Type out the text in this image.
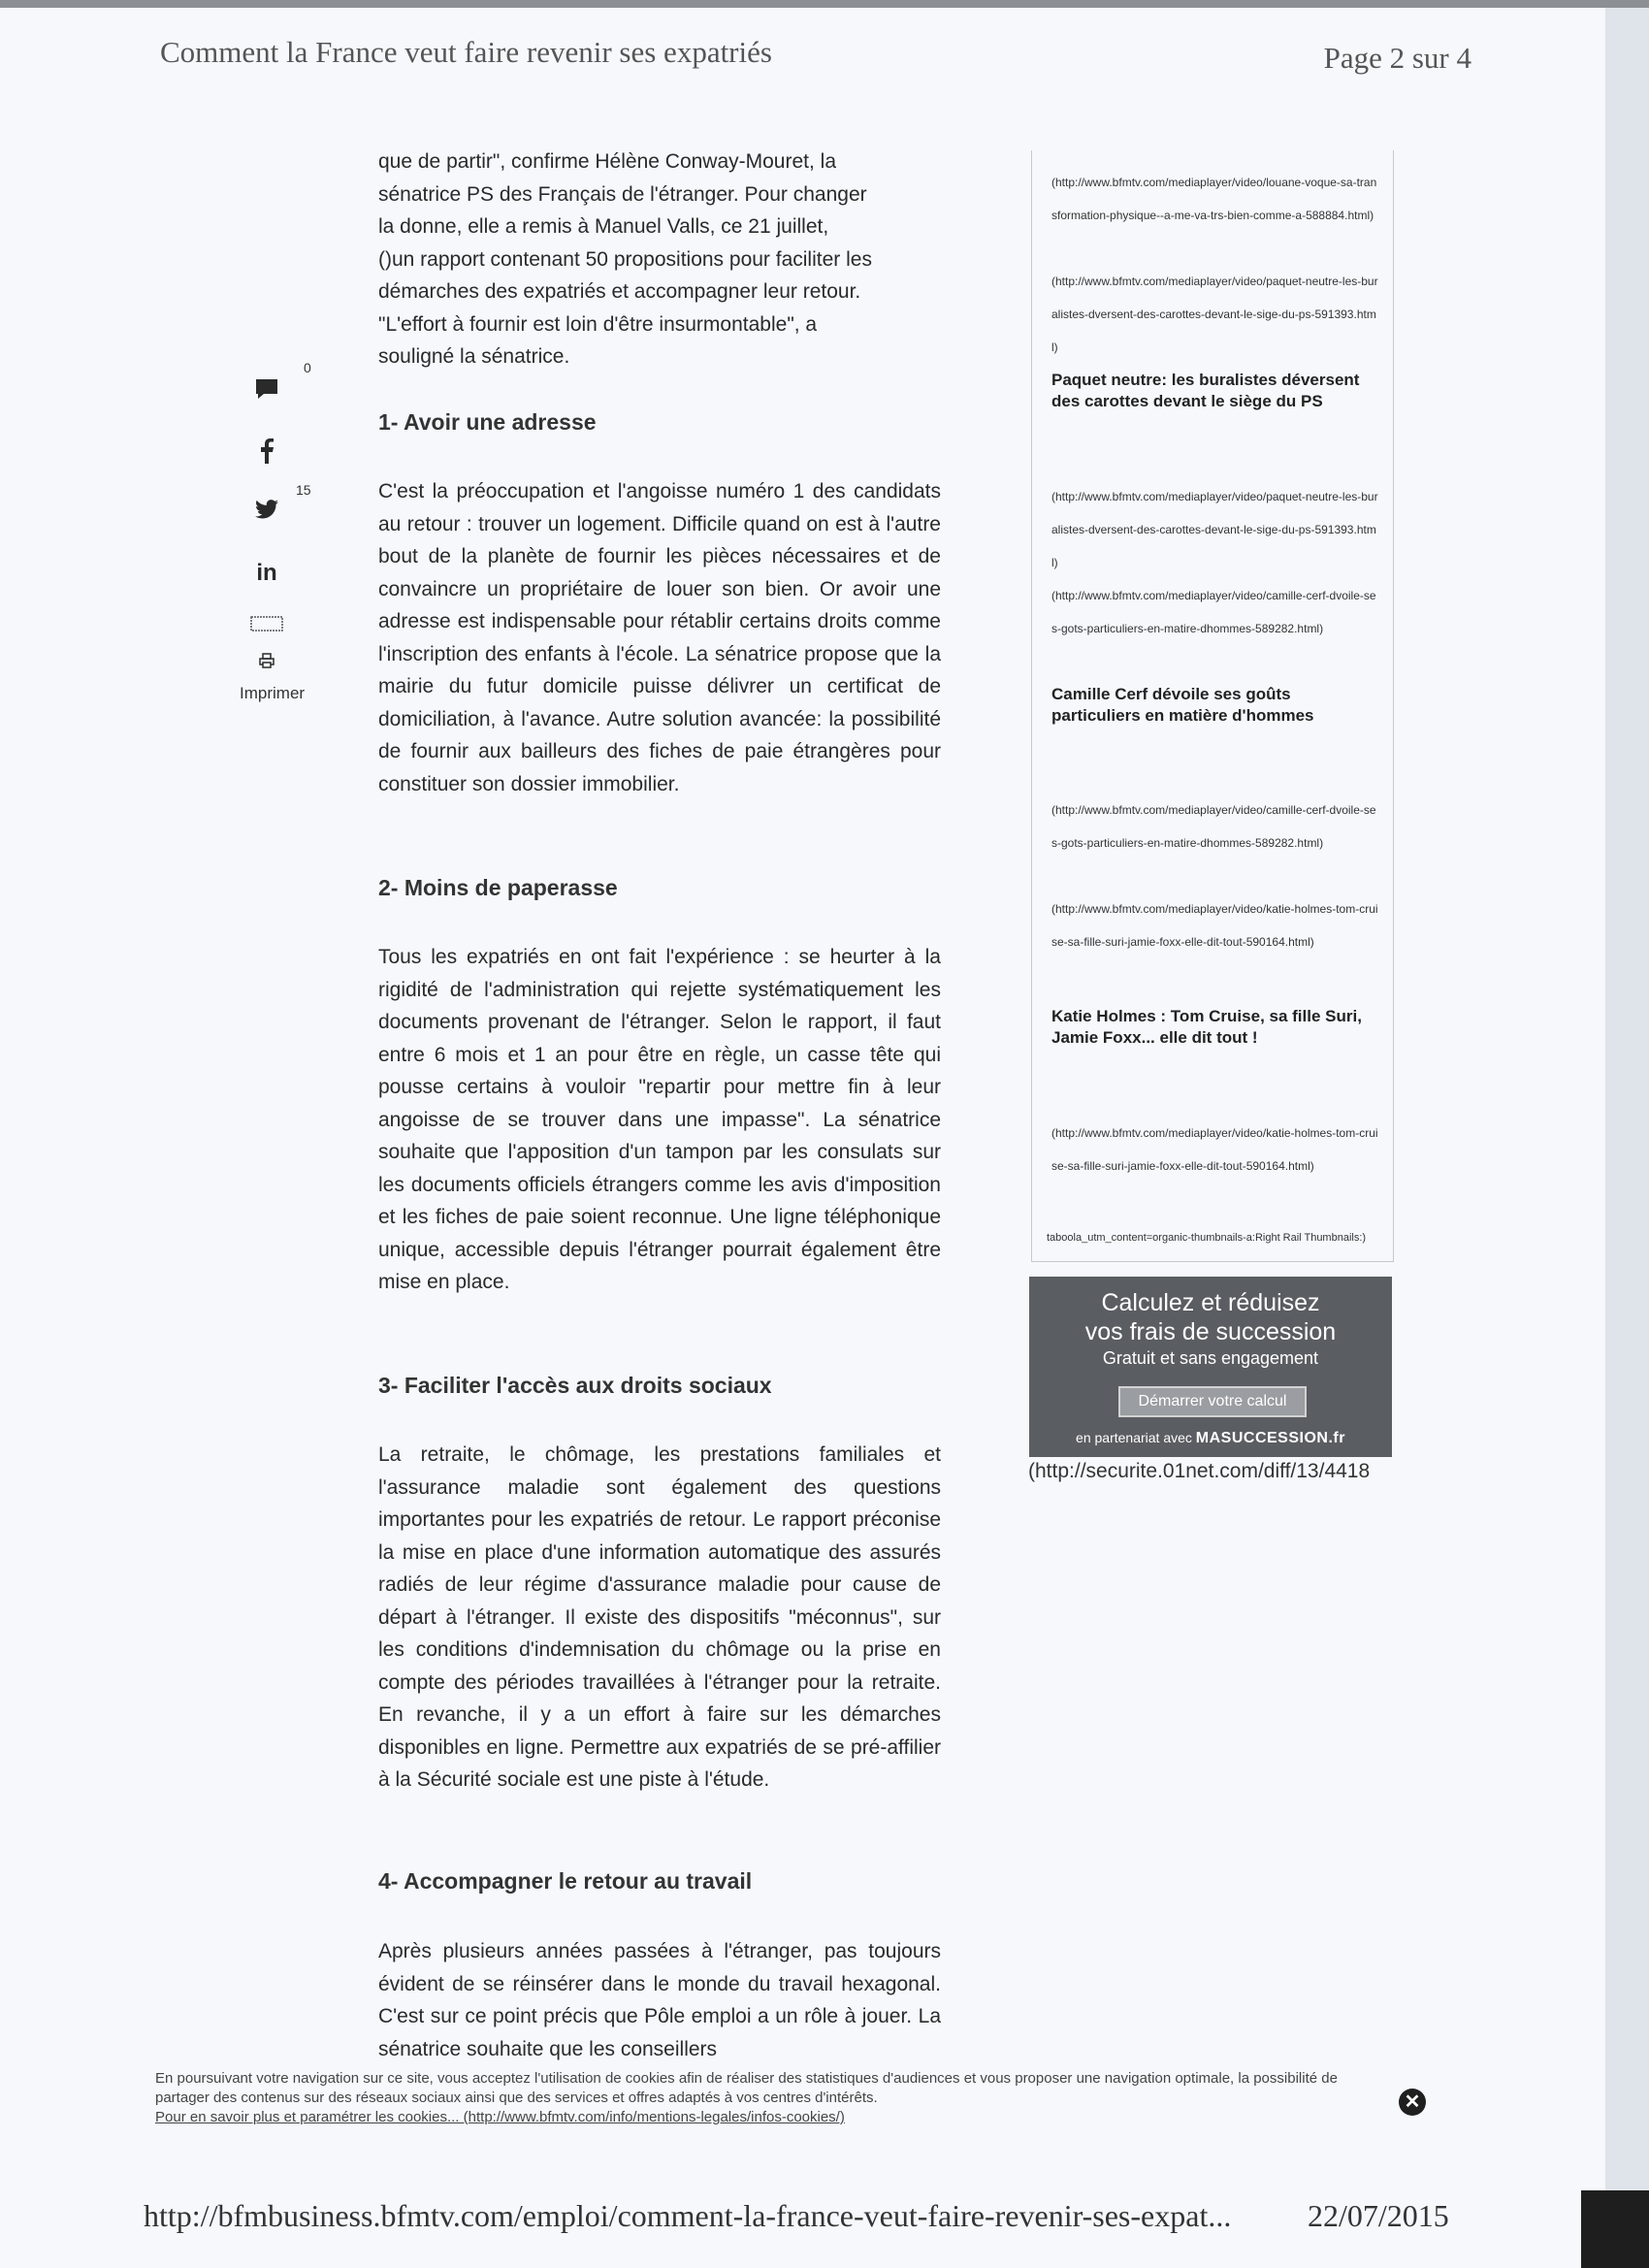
Comment la France veut faire revenir ses expatriés	Page 2 sur 4
0
15
in
Imprimer

que de partir", confirme Hélène Conway-Mouret, la

sénatrice PS des Français de l'étranger. Pour changer

la donne, elle a remis à Manuel Valls, ce 21 juillet,

()un rapport contenant 50 propositions pour faciliter les

démarches des expatriés et accompagner leur retour.

"L'effort à fournir est loin d'être insurmontable", a

souligné la sénatrice.

1- Avoir une adresse

C'est la préoccupation et l'angoisse numéro 1 des candidats au retour : trouver un logement. Difficile quand on est à l'autre bout de la planète de fournir les pièces nécessaires et de convaincre un propriétaire de louer son bien. Or avoir une adresse est indispensable pour rétablir certains droits comme l'inscription des enfants à l'école. La sénatrice propose que la mairie du futur domicile puisse délivrer un certificat de domiciliation, à l'avance. Autre solution avancée: la possibilité de fournir aux bailleurs des fiches de paie étrangères pour constituer son dossier immobilier.

2- Moins de paperasse

Tous les expatriés en ont fait l'expérience : se heurter à la rigidité de l'administration qui rejette systématiquement les documents provenant de l'étranger. Selon le rapport, il faut entre 6 mois et 1 an pour être en règle, un casse tête qui pousse certains à vouloir "repartir pour mettre fin à leur angoisse de se trouver dans une impasse". La sénatrice souhaite que l'apposition d'un tampon par les consulats sur les documents officiels étrangers comme les avis d'imposition et les fiches de paie soient reconnue. Une ligne téléphonique unique, accessible depuis l'étranger pourrait également être mise en place.

3- Faciliter l'accès aux droits sociaux

La retraite, le chômage, les prestations familiales et l'assurance maladie sont également des questions importantes pour les expatriés de retour. Le rapport préconise la mise en place d'une information automatique des assurés radiés de leur régime d'assurance maladie pour cause de départ à l'étranger. Il existe des dispositifs "méconnus", sur les conditions d'indemnisation du chômage ou la prise en compte des périodes travaillées à l'étranger pour la retraite. En revanche, il y a un effort à faire sur les démarches disponibles en ligne. Permettre aux expatriés de se pré-affilier à la Sécurité sociale est une piste à l'étude.

4- Accompagner le retour au travail

Après plusieurs années passées à l'étranger, pas toujours évident de se réinsérer dans le monde du travail hexagonal. C'est sur ce point précis que Pôle emploi a un rôle à jouer. La sénatrice souhaite que les conseillers

(http://www.bfmtv.com/mediaplayer/video/louane-voque-sa-transformation-physique--a-me-va-trs-bien-comme-a-588884.html)
(http://www.bfmtv.com/mediaplayer/video/paquet-neutre-les-buralistes-dversent-des-carottes-devant-le-sige-du-ps-591393.html)
Paquet neutre: les buralistes déversent des carottes devant le siège du PS
(http://www.bfmtv.com/mediaplayer/video/paquet-neutre-les-buralistes-dversent-des-carottes-devant-le-sige-du-ps-591393.html)
(http://www.bfmtv.com/mediaplayer/video/camille-cerf-dvoile-ses-gots-particuliers-en-matire-dhommes-589282.html)
Camille Cerf dévoile ses goûts particuliers en matière d'hommes
(http://www.bfmtv.com/mediaplayer/video/camille-cerf-dvoile-ses-gots-particuliers-en-matire-dhommes-589282.html)
(http://www.bfmtv.com/mediaplayer/video/katie-holmes-tom-cruise-sa-fille-suri-jamie-foxx-elle-dit-tout-590164.html)
Katie Holmes : Tom Cruise, sa fille Suri, Jamie Foxx... elle dit tout !
(http://www.bfmtv.com/mediaplayer/video/katie-holmes-tom-cruise-sa-fille-suri-jamie-foxx-elle-dit-tout-590164.html)
taboola_utm_content=organic-thumbnails-a:Right Rail Thumbnails:)
Calculez et réduisez
vos frais de succession
Gratuit et sans engagement
Démarrer votre calcul
en partenariat avec MASUCCESSION.fr
(http://securite.01net.com/diff/13/4418
En poursuivant votre navigation sur ce site, vous acceptez l'utilisation de cookies afin de réaliser des statistiques d'audiences et vous proposer une navigation optimale, la possibilité de
partager des contenus sur des réseaux sociaux ainsi que des services et offres adaptés à vos centres d'intérêts.
Pour en savoir plus et paramétrer les cookies... (http://www.bfmtv.com/info/mentions-legales/infos-cookies/)
✕
http://bfmbusiness.bfmtv.com/emploi/comment-la-france-veut-faire-revenir-ses-expat... 22/07/2015
